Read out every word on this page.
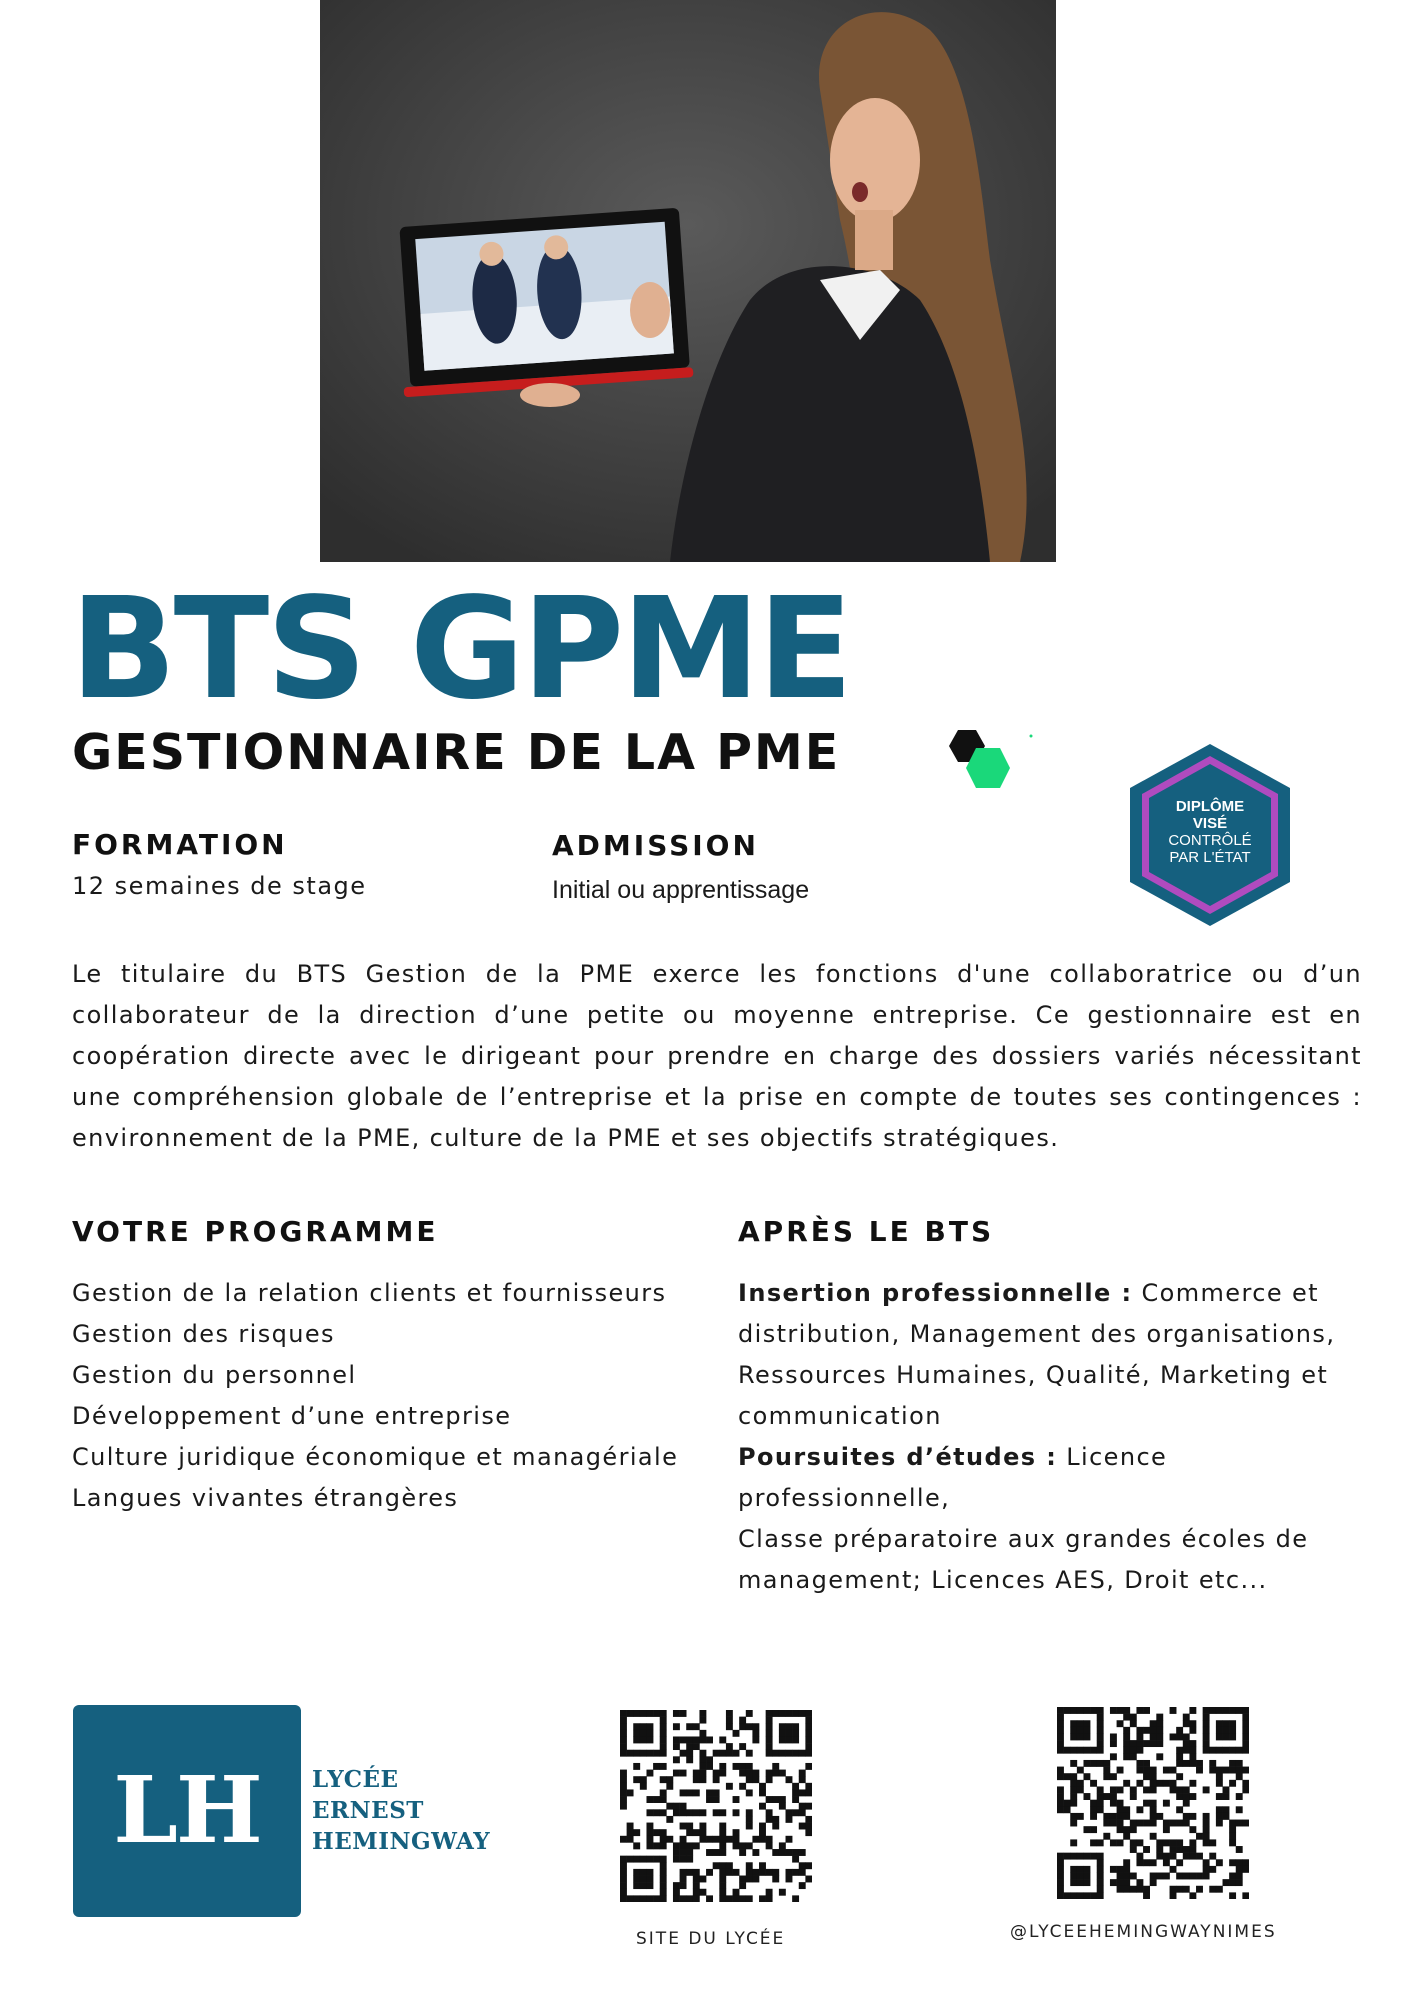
BTS GPME
GESTIONNAIRE DE LA PME
DIPLÔME
VISÉ
CONTRÔLÉ
PAR L'ÉTAT
FORMATION
12 semaines de stage
ADMISSION
Initial ou apprentissage
Le titulaire du BTS Gestion de la PME exerce les fonctions d'une collaboratrice ou d’un collaborateur de la direction d’une petite ou moyenne entreprise. Ce gestionnaire est en coopération directe avec le dirigeant pour prendre en charge des dossiers variés nécessitant une compréhension globale de l’entreprise et la prise en compte de toutes ses contingences : environnement de la PME, culture de la PME et ses objectifs stratégiques.
VOTRE PROGRAMME
Gestion de la relation clients et fournisseurs
Gestion des risques
Gestion du personnel
Développement d’une entreprise
Culture juridique économique et managériale
Langues vivantes étrangères
APRÈS LE BTS
Insertion professionnelle : Commerce et distribution, Management des organisations, Ressources Humaines, Qualité, Marketing et communication
Poursuites d’études : Licence professionnelle,
Classe préparatoire aux grandes écoles de management; Licences AES, Droit etc...
LH	LYCÉE
ERNEST
HEMINGWAY
SITE DU LYCÉE	@LYCEEHEMINGWAYNIMES
